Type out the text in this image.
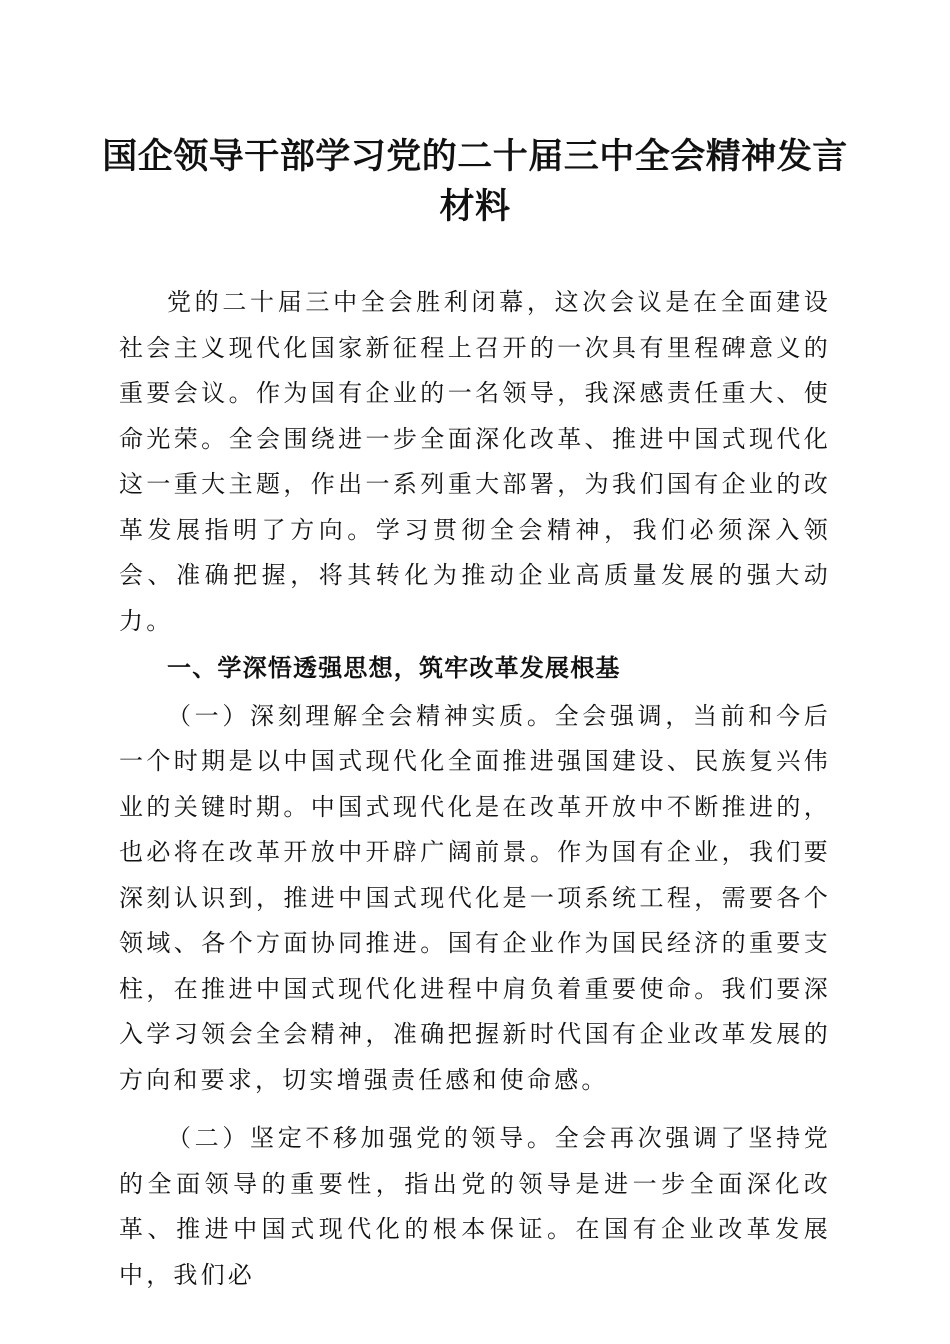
国企领导干部学习党的二十届三中全会精神发言材料

党的二十届三中全会胜利闭幕，这次会议是在全面建设社会主义现代化国家新征程上召开的一次具有里程碑意义的重要会议。作为国有企业的一名领导，我深感责任重大、使命光荣。全会围绕进一步全面深化改革、推进中国式现代化这一重大主题，作出一系列重大部署，为我们国有企业的改革发展指明了方向。学习贯彻全会精神，我们必须深入领会、准确把握，将其转化为推动企业高质量发展的强大动力。

一、学深悟透强思想，筑牢改革发展根基

（一）深刻理解全会精神实质。全会强调，当前和今后一个时期是以中国式现代化全面推进强国建设、民族复兴伟业的关键时期。中国式现代化是在改革开放中不断推进的，也必将在改革开放中开辟广阔前景。作为国有企业，我们要深刻认识到，推进中国式现代化是一项系统工程，需要各个领域、各个方面协同推进。国有企业作为国民经济的重要支柱，在推进中国式现代化进程中肩负着重要使命。我们要深入学习领会全会精神，准确把握新时代国有企业改革发展的方向和要求，切实增强责任感和使命感。

（二）坚定不移加强党的领导。全会再次强调了坚持党的全面领导的重要性，指出党的领导是进一步全面深化改革、推进中国式现代化的根本保证。在国有企业改革发展中，我们必
